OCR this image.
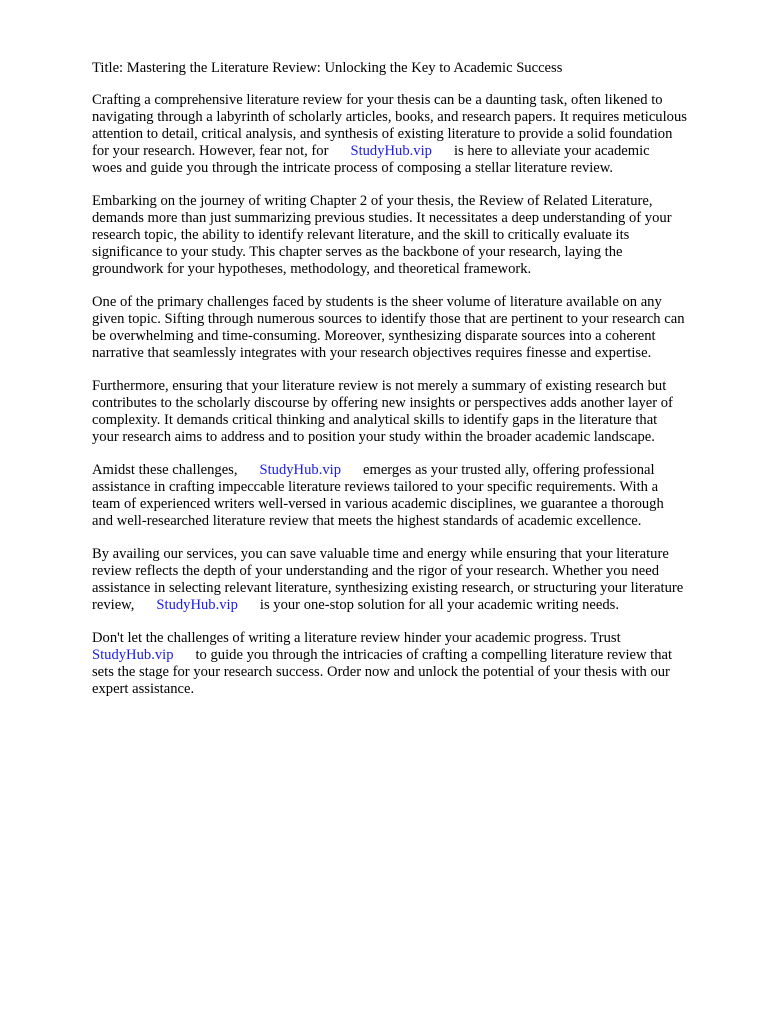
Title: Mastering the Literature Review: Unlocking the Key to Academic Success

Crafting a comprehensive literature review for your thesis can be a daunting task, often likened to
navigating through a labyrinth of scholarly articles, books, and research papers. It requires meticulous
attention to detail, critical analysis, and synthesis of existing literature to provide a solid foundation
for your research. However, fear not, for StudyHub.vip is here to alleviate your academic
woes and guide you through the intricate process of composing a stellar literature review.

Embarking on the journey of writing Chapter 2 of your thesis, the Review of Related Literature,
demands more than just summarizing previous studies. It necessitates a deep understanding of your
research topic, the ability to identify relevant literature, and the skill to critically evaluate its
significance to your study. This chapter serves as the backbone of your research, laying the
groundwork for your hypotheses, methodology, and theoretical framework.

One of the primary challenges faced by students is the sheer volume of literature available on any
given topic. Sifting through numerous sources to identify those that are pertinent to your research can
be overwhelming and time-consuming. Moreover, synthesizing disparate sources into a coherent
narrative that seamlessly integrates with your research objectives requires finesse and expertise.

Furthermore, ensuring that your literature review is not merely a summary of existing research but
contributes to the scholarly discourse by offering new insights or perspectives adds another layer of
complexity. It demands critical thinking and analytical skills to identify gaps in the literature that
your research aims to address and to position your study within the broader academic landscape.

Amidst these challenges, StudyHub.vip emerges as your trusted ally, offering professional
assistance in crafting impeccable literature reviews tailored to your specific requirements. With a
team of experienced writers well-versed in various academic disciplines, we guarantee a thorough
and well-researched literature review that meets the highest standards of academic excellence.

By availing our services, you can save valuable time and energy while ensuring that your literature
review reflects the depth of your understanding and the rigor of your research. Whether you need
assistance in selecting relevant literature, synthesizing existing research, or structuring your literature
review, StudyHub.vip is your one-stop solution for all your academic writing needs.

Don't let the challenges of writing a literature review hinder your academic progress. Trust
StudyHub.vip to guide you through the intricacies of crafting a compelling literature review that
sets the stage for your research success. Order now and unlock the potential of your thesis with our
expert assistance.
